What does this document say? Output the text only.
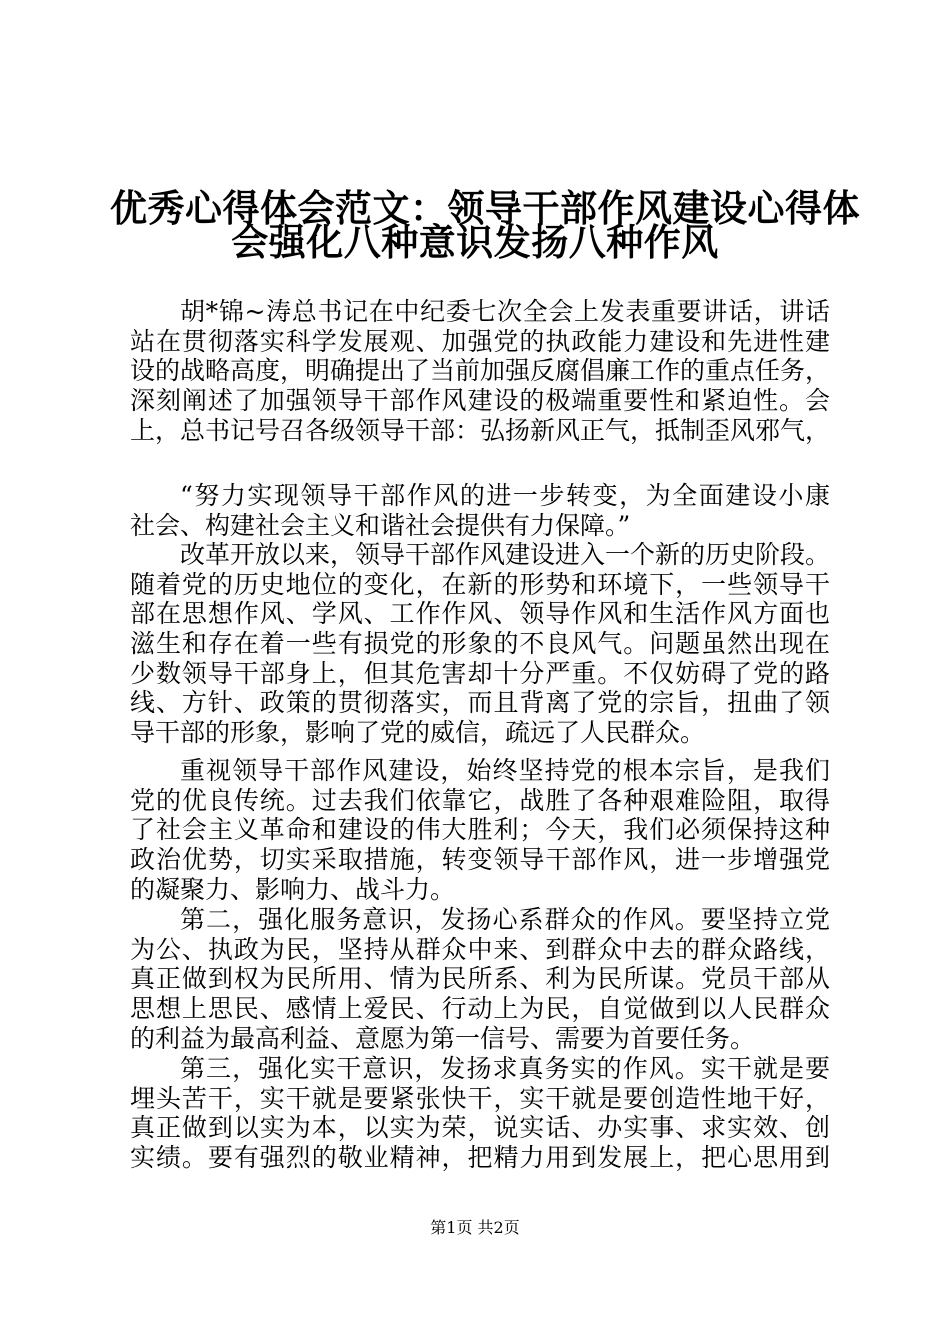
优秀心得体会范文：领导干部作风建设心得体
会强化八种意识发扬八种作风
胡*锦~涛总书记在中纪委七次全会上发表重要讲话，讲话
站在贯彻落实科学发展观、加强党的执政能力建设和先进性建
设的战略高度，明确提出了当前加强反腐倡廉工作的重点任务，
深刻阐述了加强领导干部作风建设的极端重要性和紧迫性。会
上，总书记号召各级领导干部：弘扬新风正气，抵制歪风邪气，
“努力实现领导干部作风的进一步转变，为全面建设小康
社会、构建社会主义和谐社会提供有力保障。”
改革开放以来，领导干部作风建设进入一个新的历史阶段。
随着党的历史地位的变化，在新的形势和环境下，一些领导干
部在思想作风、学风、工作作风、领导作风和生活作风方面也
滋生和存在着一些有损党的形象的不良风气。问题虽然出现在
少数领导干部身上，但其危害却十分严重。不仅妨碍了党的路
线、方针、政策的贯彻落实，而且背离了党的宗旨，扭曲了领
导干部的形象，影响了党的威信，疏远了人民群众。
重视领导干部作风建设，始终坚持党的根本宗旨，是我们
党的优良传统。过去我们依靠它，战胜了各种艰难险阻，取得
了社会主义革命和建设的伟大胜利；今天，我们必须保持这种
政治优势，切实采取措施，转变领导干部作风，进一步增强党
的凝聚力、影响力、战斗力。
第二，强化服务意识，发扬心系群众的作风。要坚持立党
为公、执政为民，坚持从群众中来、到群众中去的群众路线，
真正做到权为民所用、情为民所系、利为民所谋。党员干部从
思想上思民、感情上爱民、行动上为民，自觉做到以人民群众
的利益为最高利益、意愿为第一信号、需要为首要任务。
第三，强化实干意识，发扬求真务实的作风。实干就是要
埋头苦干，实干就是要紧张快干，实干就是要创造性地干好，
真正做到以实为本，以实为荣，说实话、办实事、求实效、创
实绩。要有强烈的敬业精神，把精力用到发展上，把心思用到
第1页 共2页
